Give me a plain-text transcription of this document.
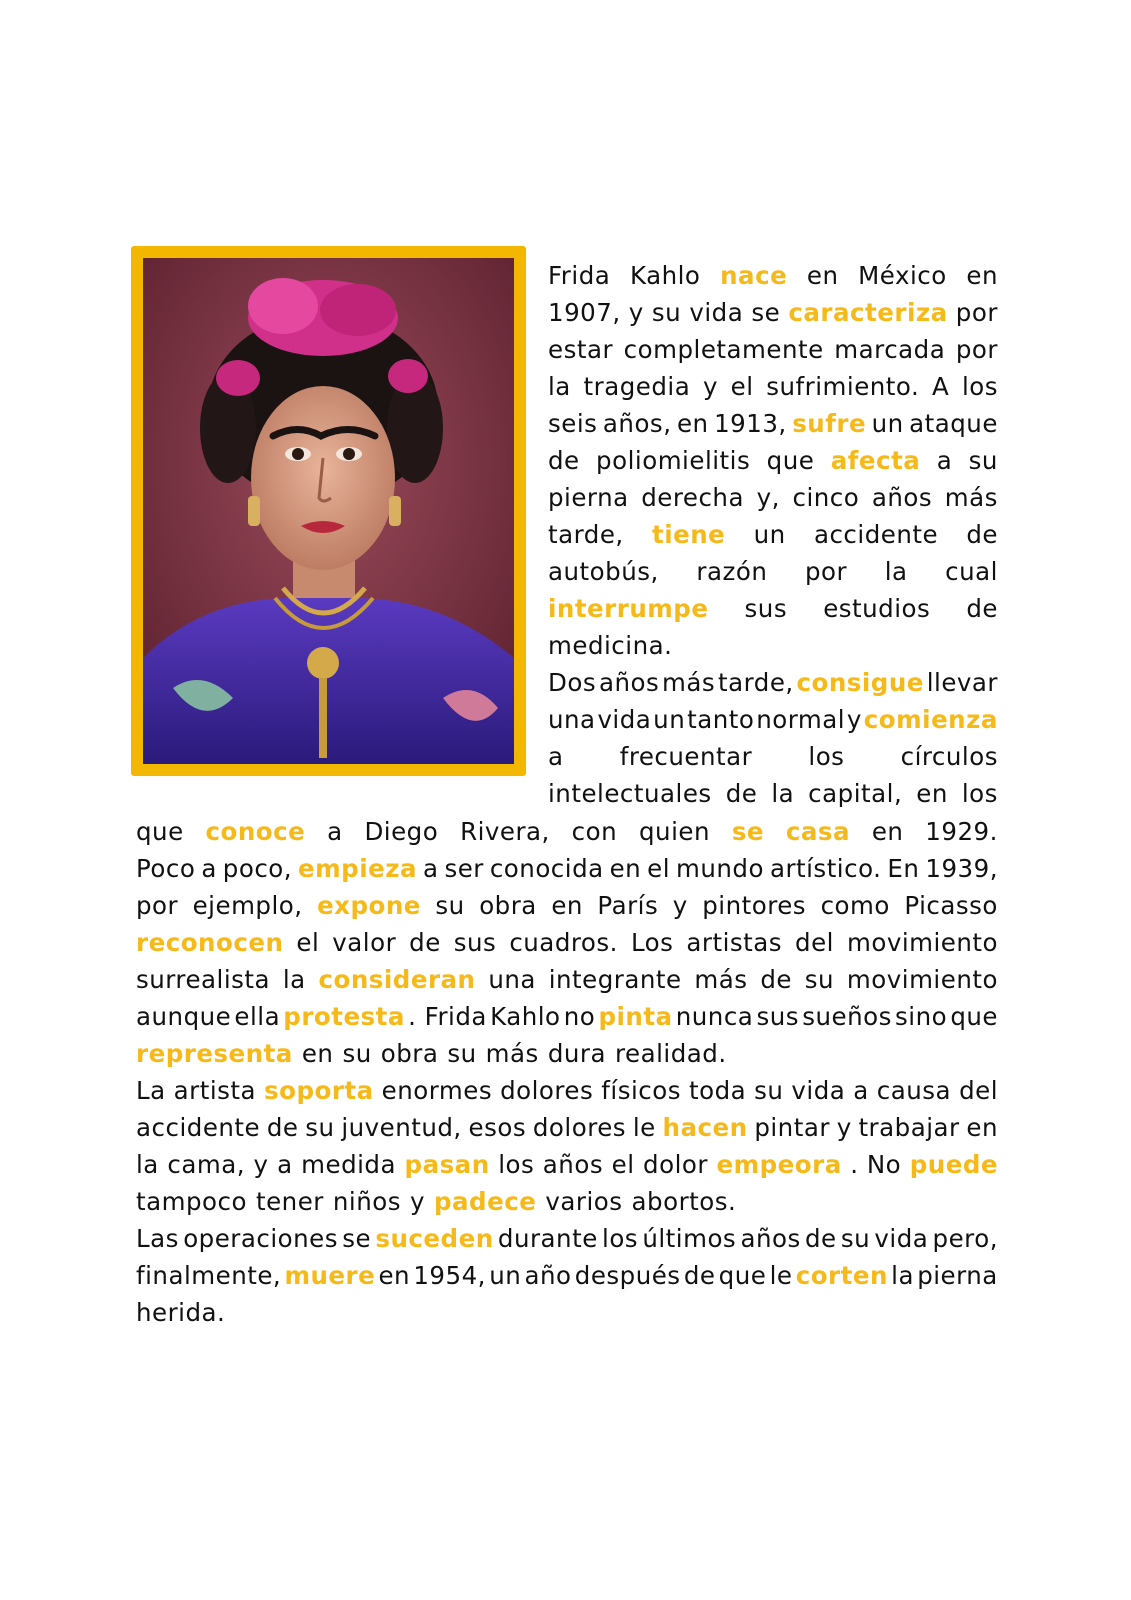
Frida Kahlo nace en México en
1907, y su vida se caracteriza por
estar completamente marcada por
la tragedia y el sufrimiento. A los
seis años, en 1913, sufre un ataque
de poliomielitis que afecta a su
pierna derecha y, cinco años más
tarde, tiene un accidente de
autobús, razón por la cual
interrumpe sus estudios de
medicina.
Dos años más tarde, consigue llevar
una vida un tanto normal y comienza
a frecuentar los círculos
intelectuales de la capital, en los
que conoce a Diego Rivera, con quien se casa en 1929.
Poco a poco, empieza a ser conocida en el mundo artístico. En 1939,
por ejemplo, expone su obra en París y pintores como Picasso
reconocen el valor de sus cuadros. Los artistas del movimiento
surrealista la consideran una integrante más de su movimiento
aunque ella protesta . Frida Kahlo no pinta nunca sus sueños sino que
representa en su obra su más dura realidad.
La artista soporta enormes dolores físicos toda su vida a causa del
accidente de su juventud, esos dolores le hacen pintar y trabajar en
la cama, y a medida pasan los años el dolor empeora . No puede
tampoco tener niños y padece varios abortos.
Las operaciones se suceden durante los últimos años de su vida pero,
finalmente, muere en 1954, un año después de que le corten la pierna
herida.
